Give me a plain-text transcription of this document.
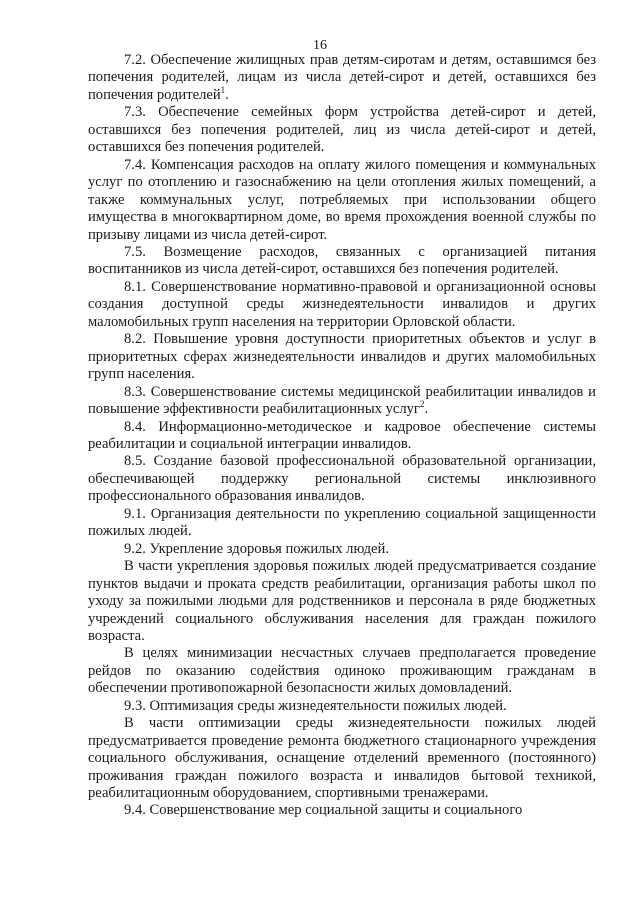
16

7.2. Обеспечение жилищных прав детям-сиротам и детям, оставшимся без попечения родителей, лицам из числа детей-сирот и детей, оставшихся без попечения родителей$^1$.

7.3. Обеспечение семейных форм устройства детей-сирот и детей, оставшихся без попечения родителей, лиц из числа детей-сирот и детей, оставшихся без попечения родителей.

7.4. Компенсация расходов на оплату жилого помещения и коммунальных услуг по отоплению и газоснабжению на цели отопления жилых помещений, а также коммунальных услуг, потребляемых при использовании общего имущества в многоквартирном доме, во время прохождения военной службы по призыву лицами из числа детей-сирот.

7.5. Возмещение расходов, связанных с организацией питания воспитанников из числа детей-сирот, оставшихся без попечения родителей.

8.1. Совершенствование нормативно-правовой и организационной основы создания доступной среды жизнедеятельности инвалидов и других маломобильных групп населения на территории Орловской области.

8.2. Повышение уровня доступности приоритетных объектов и услуг в приоритетных сферах жизнедеятельности инвалидов и других маломобильных групп населения.

8.3. Совершенствование системы медицинской реабилитации инвалидов и повышение эффективности реабилитационных услуг$^2$.

8.4. Информационно-методическое и кадровое обеспечение системы реабилитации и социальной интеграции инвалидов.

8.5. Создание базовой профессиональной образовательной организации, обеспечивающей поддержку региональной системы инклюзивного профессионального образования инвалидов.

9.1. Организация деятельности по укреплению социальной защищенности пожилых людей.

9.2. Укрепление здоровья пожилых людей.

В части укрепления здоровья пожилых людей предусматривается создание пунктов выдачи и проката средств реабилитации, организация работы школ по уходу за пожилыми людьми для родственников и персонала в ряде бюджетных учреждений социального обслуживания населения для граждан пожилого возраста.

В целях минимизации несчастных случаев предполагается проведение рейдов по оказанию содействия одиноко проживающим гражданам в обеспечении противопожарной безопасности жилых домовладений.

9.3. Оптимизация среды жизнедеятельности пожилых людей.

В части оптимизации среды жизнедеятельности пожилых людей предусматривается проведение ремонта бюджетного стационарного учреждения социального обслуживания, оснащение отделений временного (постоянного) проживания граждан пожилого возраста и инвалидов бытовой техникой, реабилитационным оборудованием, спортивными тренажерами.

9.4. Совершенствование мер социальной защиты и социального
